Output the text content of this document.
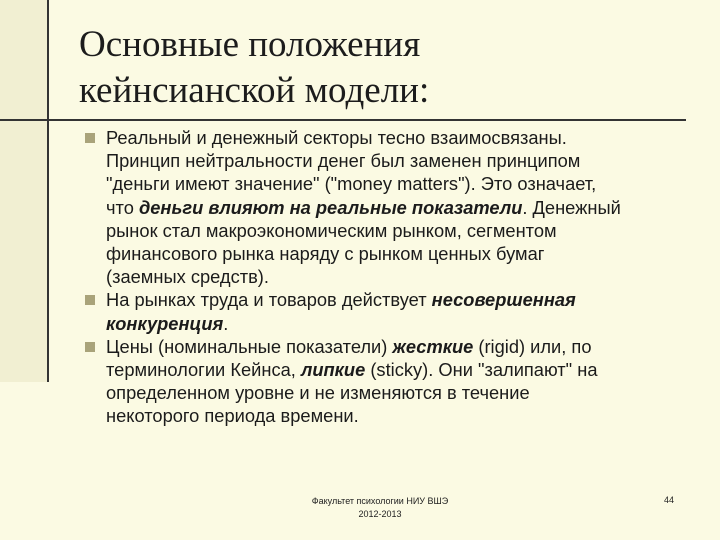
Основные положения
кейнсианской модели:
Реальный и денежный секторы тесно взаимосвязаны.
Принцип нейтральности денег был заменен принципом
"деньги имеют значение" ("money matters"). Это означает,
что деньги влияют на реальные показатели. Денежный
рынок стал макроэкономическим рынком, сегментом
финансового рынка наряду с рынком ценных бумаг
(заемных средств).
На рынках труда и товаров действует несовершенная
конкуренция.
Цены (номинальные показатели) жесткие (rigid) или, по
терминологии Кейнса, липкие (sticky). Они "залипают" на
определенном уровне и не изменяются в течение
некоторого периода времени.
Факультет психологии НИУ ВШЭ
2012-2013
44
